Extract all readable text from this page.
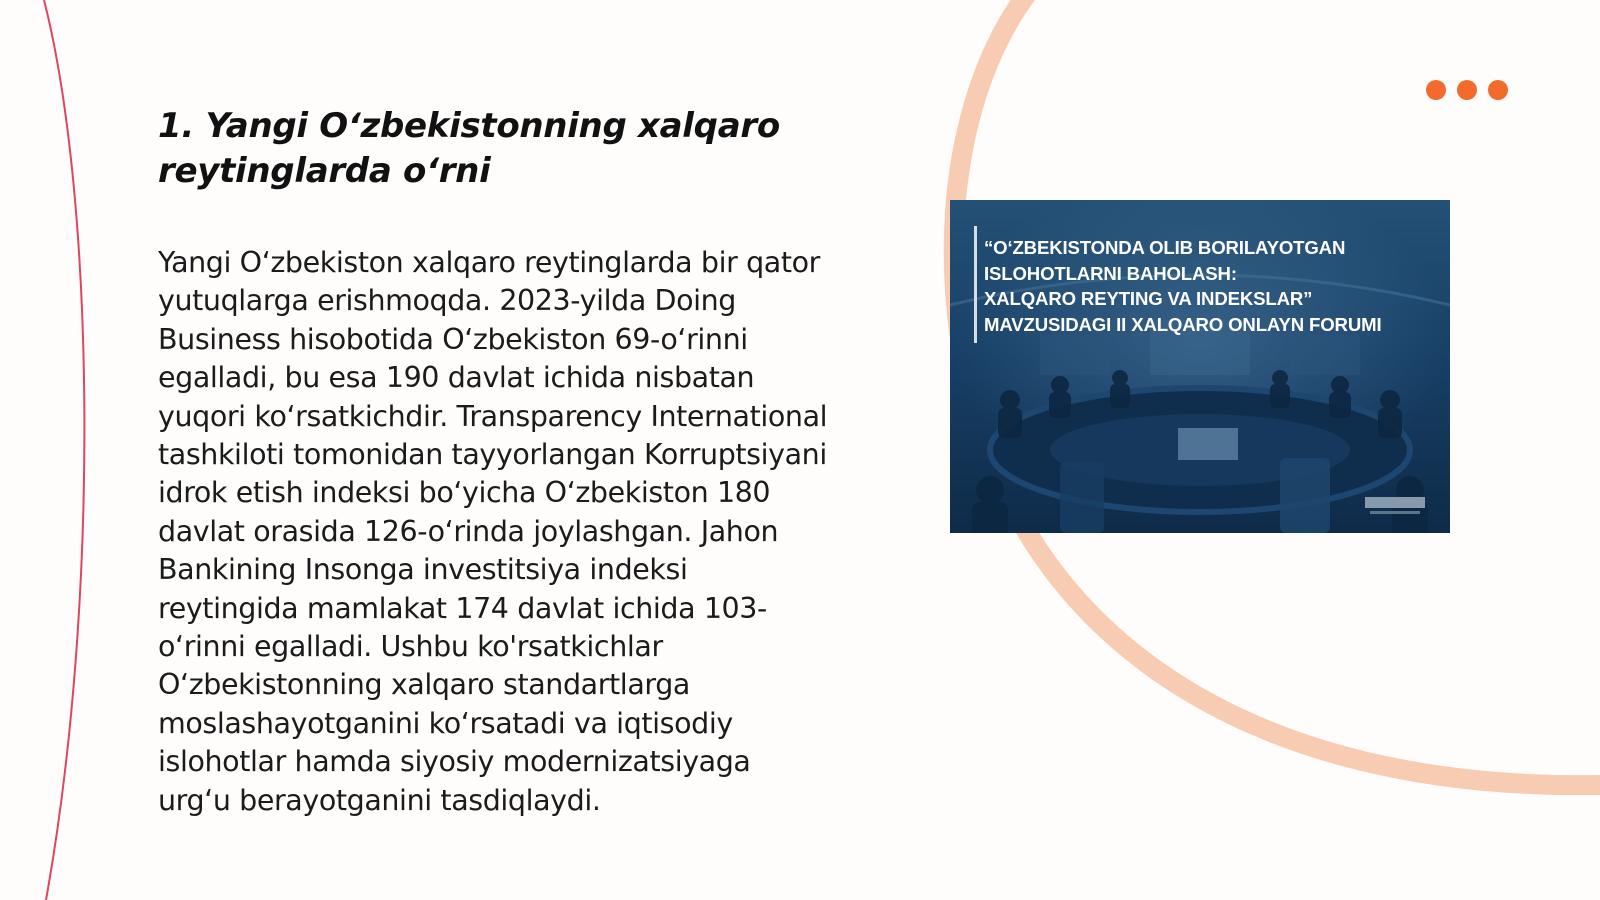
1. Yangi O‘zbekistonning xalqaro reytinglarda o‘rni

Yangi O‘zbekiston xalqaro reytinglarda bir qator yutuqlarga erishmoqda. 2023-yilda Doing Business hisobotida O‘zbekiston 69-o‘rinni egalladi, bu esa 190 davlat ichida nisbatan yuqori ko‘rsatkichdir. Transparency International tashkiloti tomonidan tayyorlangan Korruptsiyani idrok etish indeksi bo‘yicha O‘zbekiston 180 davlat orasida 126-o‘rinda joylashgan. Jahon Bankining Insonga investitsiya indeksi reytingida mamlakat 174 davlat ichida 103-o‘rinni egalladi. Ushbu ko'rsatkichlar O‘zbekistonning xalqaro standartlarga moslashayotganini ko‘rsatadi va iqtisodiy islohotlar hamda siyosiy modernizatsiyaga urg‘u berayotganini tasdiqlaydi.

“O‘ZBEKISTONDA OLIB BORILAYOTGAN
ISLOHOTLARNI BAHOLASH:
XALQARO REYTING VA INDEKSLAR”
MAVZUSIDAGI II XALQARO ONLAYN FORUMI
